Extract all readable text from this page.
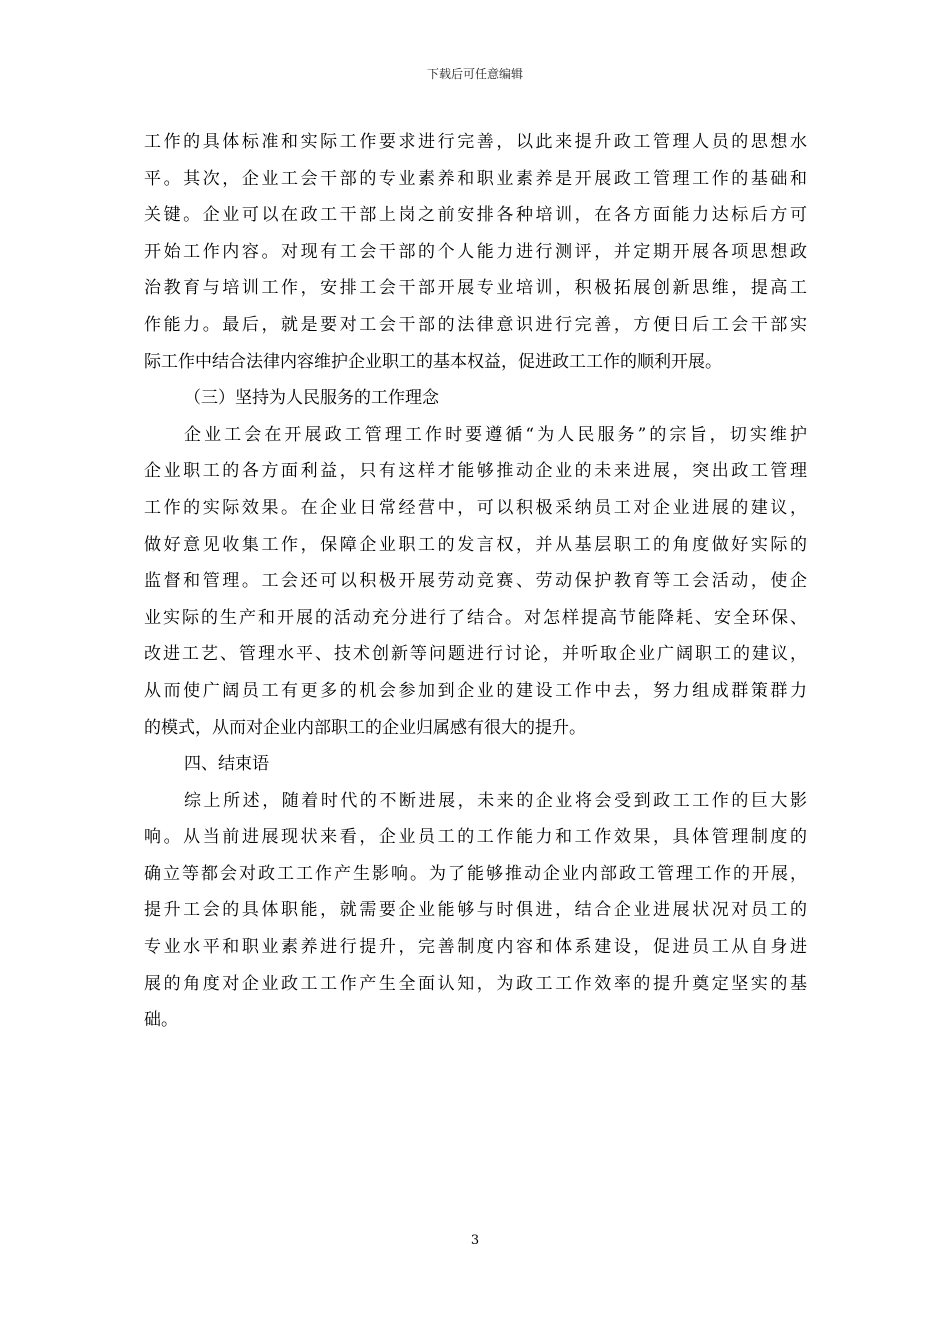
下载后可任意编辑
工作的具体标准和实际工作要求进行完善，以此来提升政工管理人员的思想水
平。其次，企业工会干部的专业素养和职业素养是开展政工管理工作的基础和
关键。企业可以在政工干部上岗之前安排各种培训，在各方面能力达标后方可
开始工作内容。对现有工会干部的个人能力进行测评，并定期开展各项思想政
治教育与培训工作，安排工会干部开展专业培训，积极拓展创新思维，提高工
作能力。最后，就是要对工会干部的法律意识进行完善，方便日后工会干部实
际工作中结合法律内容维护企业职工的基本权益，促进政工工作的顺利开展。
（三）坚持为人民服务的工作理念
企业工会在开展政工管理工作时要遵循“为人民服务”的宗旨，切实维护
企业职工的各方面利益，只有这样才能够推动企业的未来进展，突出政工管理
工作的实际效果。在企业日常经营中，可以积极采纳员工对企业进展的建议，
做好意见收集工作，保障企业职工的发言权，并从基层职工的角度做好实际的
监督和管理。工会还可以积极开展劳动竞赛、劳动保护教育等工会活动，使企
业实际的生产和开展的活动充分进行了结合。对怎样提高节能降耗、安全环保、
改进工艺、管理水平、技术创新等问题进行讨论，并听取企业广阔职工的建议，
从而使广阔员工有更多的机会参加到企业的建设工作中去，努力组成群策群力
的模式，从而对企业内部职工的企业归属感有很大的提升。
四、结束语
综上所述，随着时代的不断进展，未来的企业将会受到政工工作的巨大影
响。从当前进展现状来看，企业员工的工作能力和工作效果，具体管理制度的
确立等都会对政工工作产生影响。为了能够推动企业内部政工管理工作的开展，
提升工会的具体职能，就需要企业能够与时俱进，结合企业进展状况对员工的
专业水平和职业素养进行提升，完善制度内容和体系建设，促进员工从自身进
展的角度对企业政工工作产生全面认知，为政工工作效率的提升奠定坚实的基
础。
3
